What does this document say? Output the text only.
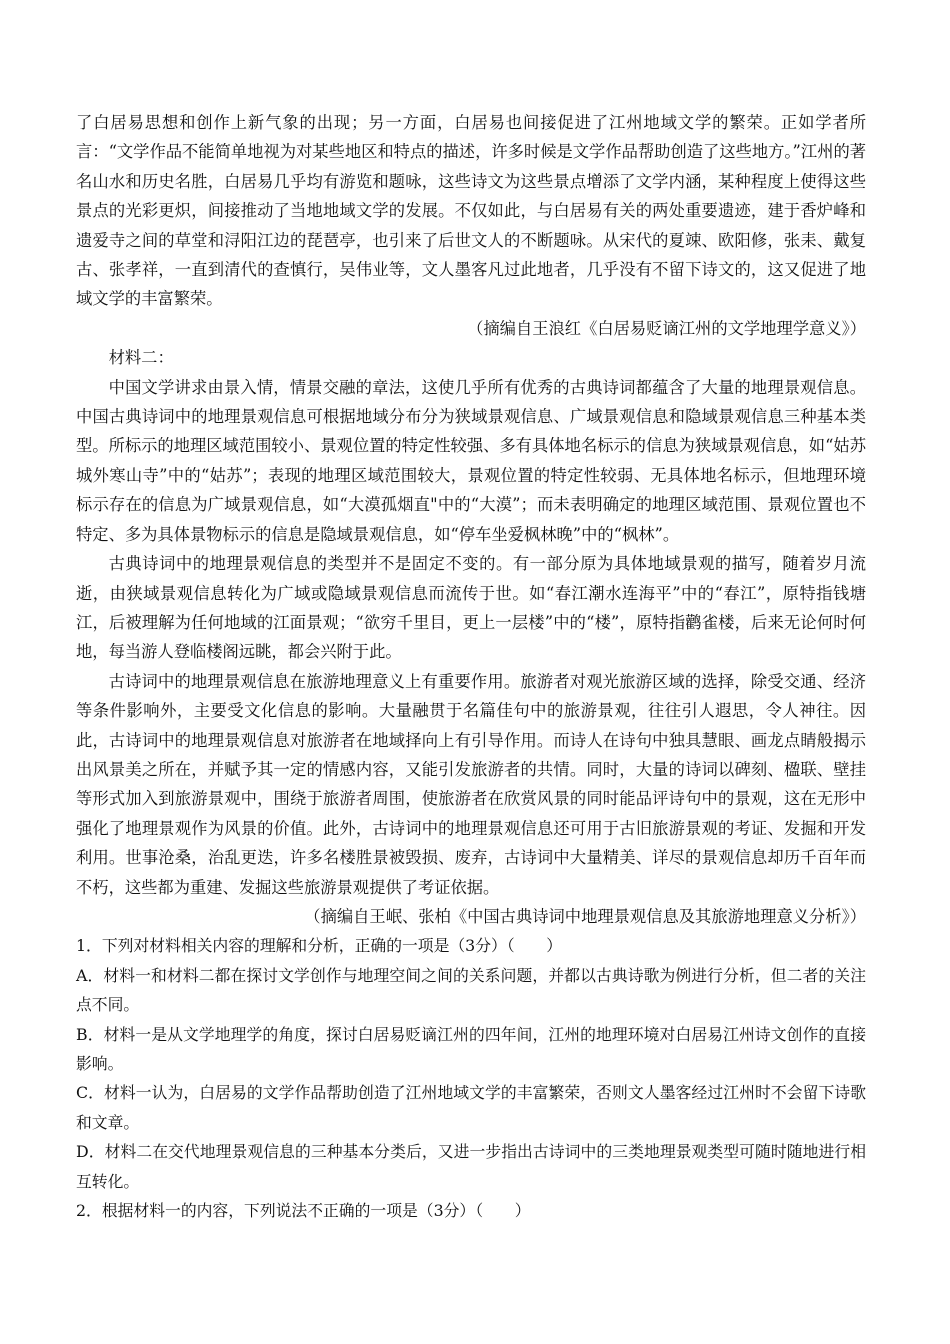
了白居易思想和创作上新气象的出现；另一方面，白居易也间接促进了江州地域文学的繁荣。正如学者所言：“文学作品不能简单地视为对某些地区和特点的描述，许多时候是文学作品帮助创造了这些地方。”江州的著名山水和历史名胜，白居易几乎均有游览和题咏，这些诗文为这些景点增添了文学内涵，某种程度上使得这些景点的光彩更炽，间接推动了当地地域文学的发展。不仅如此，与白居易有关的两处重要遗迹，建于香炉峰和遗爱寺之间的草堂和浔阳江边的琵琶亭，也引来了后世文人的不断题咏。从宋代的夏竦、欧阳修，张耒、戴复古、张孝祥，一直到清代的查慎行，吴伟业等，文人墨客凡过此地者，几乎没有不留下诗文的，这又促进了地域文学的丰富繁荣。

（摘编自王浪红《白居易贬谪江州的文学地理学意义》）

材料二：

中国文学讲求由景入情，情景交融的章法，这使几乎所有优秀的古典诗词都蕴含了大量的地理景观信息。中国古典诗词中的地理景观信息可根据地域分布分为狭域景观信息、广域景观信息和隐域景观信息三种基本类型。所标示的地理区域范围较小、景观位置的特定性较强、多有具体地名标示的信息为狭域景观信息，如“姑苏城外寒山寺”中的“姑苏”；表现的地理区域范围较大，景观位置的特定性较弱、无具体地名标示，但地理环境标示存在的信息为广域景观信息，如“大漠孤烟直"中的“大漠”；而未表明确定的地理区域范围、景观位置也不特定、多为具体景物标示的信息是隐域景观信息，如“停车坐爱枫林晚”中的“枫林”。

古典诗词中的地理景观信息的类型并不是固定不变的。有一部分原为具体地域景观的描写，随着岁月流逝，由狭域景观信息转化为广域或隐域景观信息而流传于世。如“春江潮水连海平”中的“春江”，原特指钱塘江，后被理解为任何地域的江面景观；“欲穷千里目，更上一层楼”中的“楼”，原特指鹳雀楼，后来无论何时何地，每当游人登临楼阁远眺，都会兴附于此。

古诗词中的地理景观信息在旅游地理意义上有重要作用。旅游者对观光旅游区域的选择，除受交通、经济等条件影响外，主要受文化信息的影响。大量融贯于名篇佳句中的旅游景观，往往引人遐思，令人神往。因此，古诗词中的地理景观信息对旅游者在地域择向上有引导作用。而诗人在诗句中独具慧眼、画龙点睛般揭示出风景美之所在，并赋予其一定的情感内容，又能引发旅游者的共情。同时，大量的诗词以碑刻、楹联、壁挂等形式加入到旅游景观中，围绕于旅游者周围，使旅游者在欣赏风景的同时能品评诗句中的景观，这在无形中强化了地理景观作为风景的价值。此外，古诗词中的地理景观信息还可用于古旧旅游景观的考证、发掘和开发利用。世事沧桑，治乱更迭，许多名楼胜景被毁损、废弃，古诗词中大量精美、详尽的景观信息却历千百年而不朽，这些都为重建、发掘这些旅游景观提供了考证依据。

（摘编自王岷、张柏《中国古典诗词中地理景观信息及其旅游地理意义分析》）

1．下列对材料相关内容的理解和分析，正确的一项是（3分）（　　）

A．材料一和材料二都在探讨文学创作与地理空间之间的关系问题，并都以古典诗歌为例进行分析，但二者的关注点不同。

B．材料一是从文学地理学的角度，探讨白居易贬谪江州的四年间，江州的地理环境对白居易江州诗文创作的直接影响。

C．材料一认为，白居易的文学作品帮助创造了江州地域文学的丰富繁荣，否则文人墨客经过江州时不会留下诗歌和文章。

D．材料二在交代地理景观信息的三种基本分类后，又进一步指出古诗词中的三类地理景观类型可随时随地进行相互转化。

2．根据材料一的内容，下列说法不正确的一项是（3分）（　　）
